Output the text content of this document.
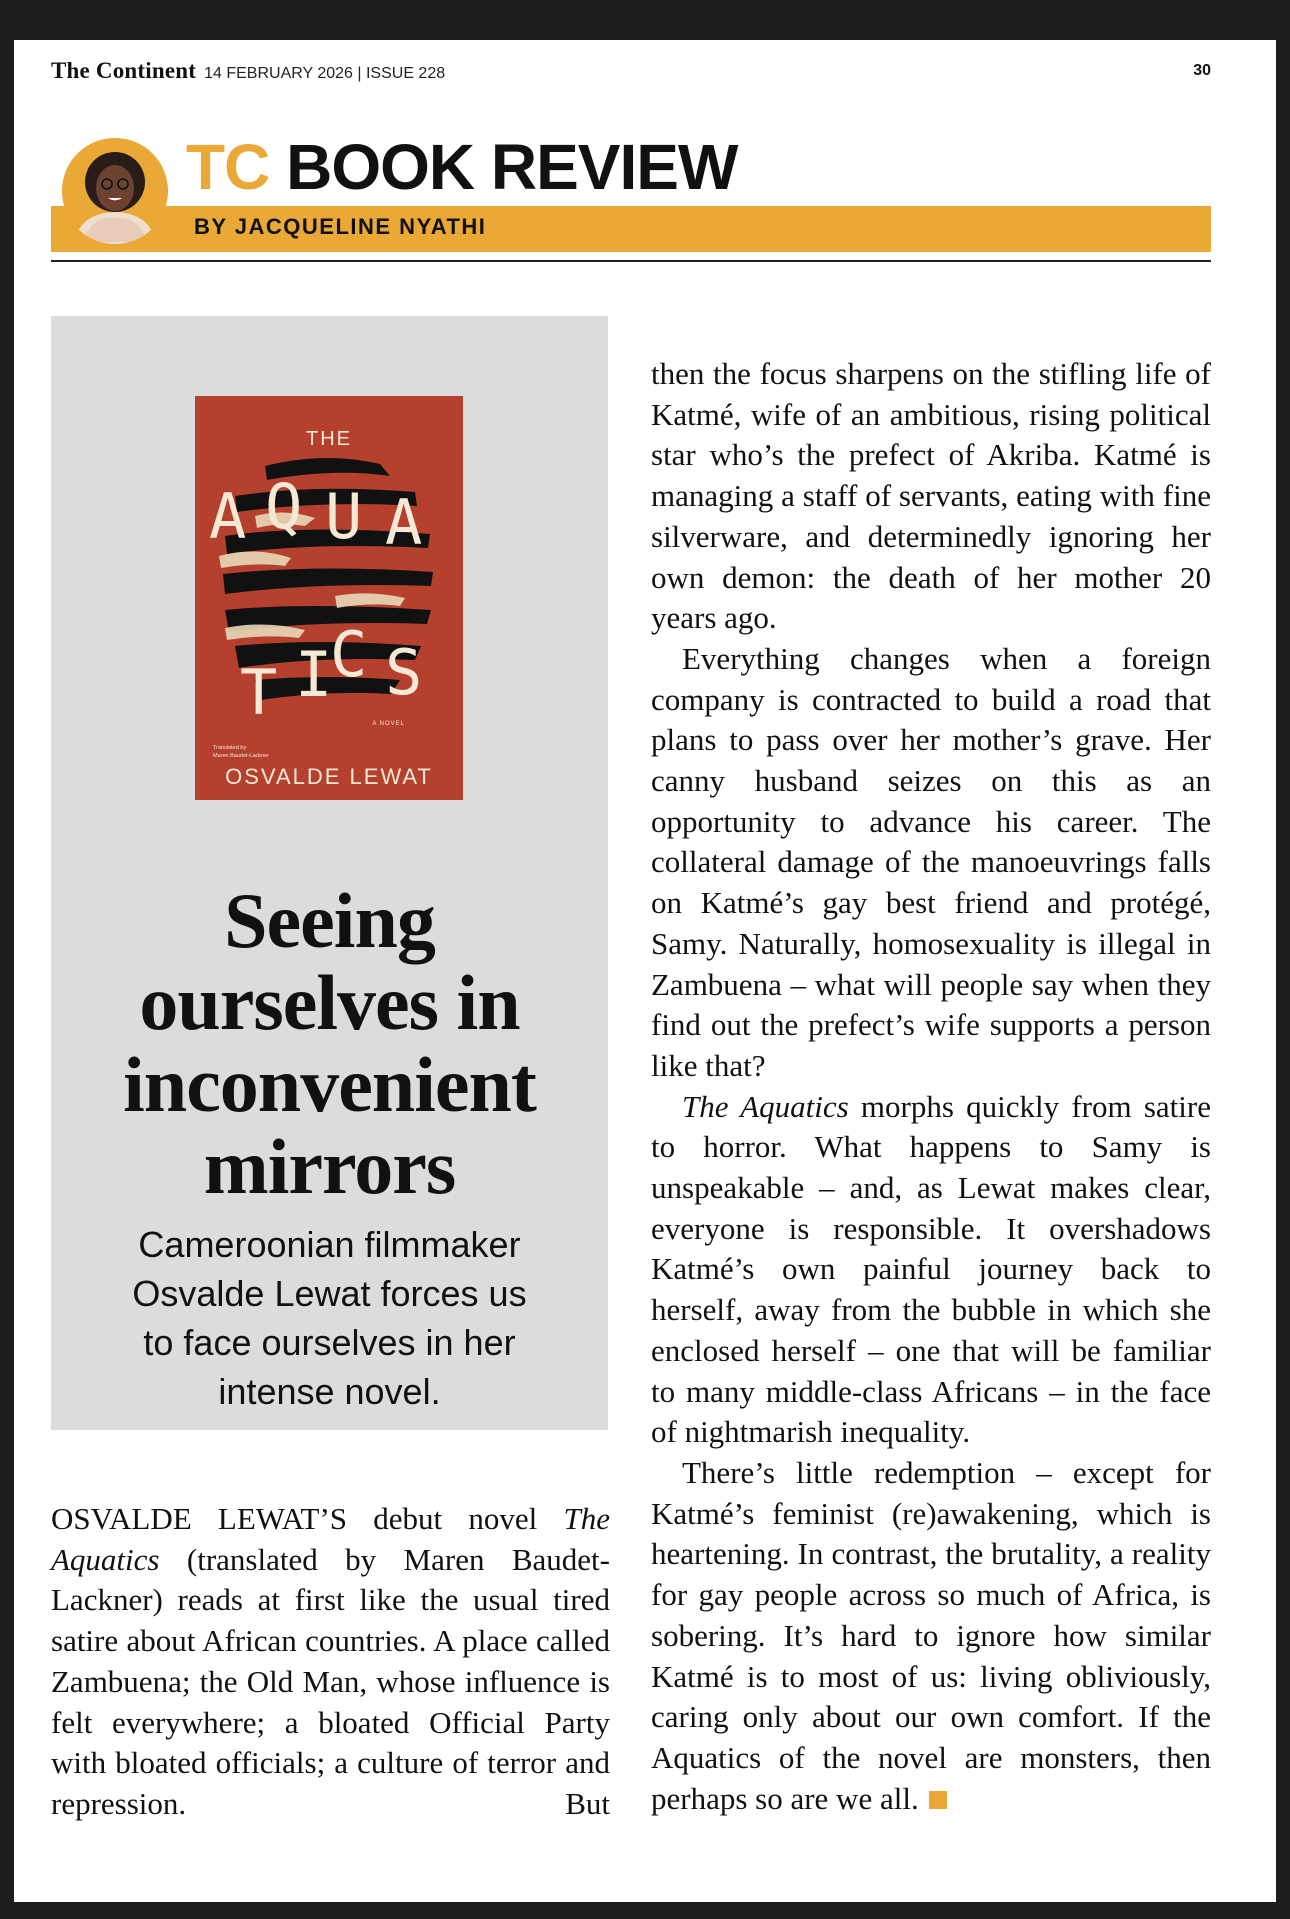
The Continent 14 FEBRUARY 2026 | ISSUE 228	30
TC BOOK REVIEW
BY JACQUELINE NYATHI
THE
A Q U A
T I
C S
A NOVEL
Translated by
Maren Baudet-Lackner
OSVALDE LEWAT
Seeing
ourselves in
inconvenient
mirrors
Cameroonian filmmaker
Osvalde Lewat forces us
to face ourselves in her
intense novel.

OSVALDE LEWAT’S debut novel The Aquatics (translated by Maren Baudet-Lackner) reads at first like the usual tired satire about African countries. A place called Zambuena; the Old Man, whose influence is felt everywhere; a bloated Official Party with bloated officials; a culture of terror and repression. But

then the focus sharpens on the stifling life of Katmé, wife of an ambitious, rising political star who’s the prefect of Akriba. Katmé is managing a staff of servants, eating with fine silverware, and determinedly ignoring her own demon: the death of her mother 20 years ago.

Everything changes when a foreign company is contracted to build a road that plans to pass over her mother’s grave. Her canny husband seizes on this as an opportunity to advance his career. The collateral damage of the manoeuvrings falls on Katmé’s gay best friend and protégé, Samy. Naturally, homosexuality is illegal in Zambuena – what will people say when they find out the prefect’s wife supports a person like that?

The Aquatics morphs quickly from satire to horror. What happens to Samy is unspeakable – and, as Lewat makes clear, everyone is responsible. It overshadows Katmé’s own painful journey back to herself, away from the bubble in which she enclosed herself – one that will be familiar to many middle-class Africans – in the face of nightmarish inequality.

There’s little redemption – except for Katmé’s feminist (re)awakening, which is heartening. In contrast, the brutality, a reality for gay people across so much of Africa, is sobering. It’s hard to ignore how similar Katmé is to most of us: living obliviously, caring only about our own comfort. If the Aquatics of the novel are monsters, then perhaps so are we all.
